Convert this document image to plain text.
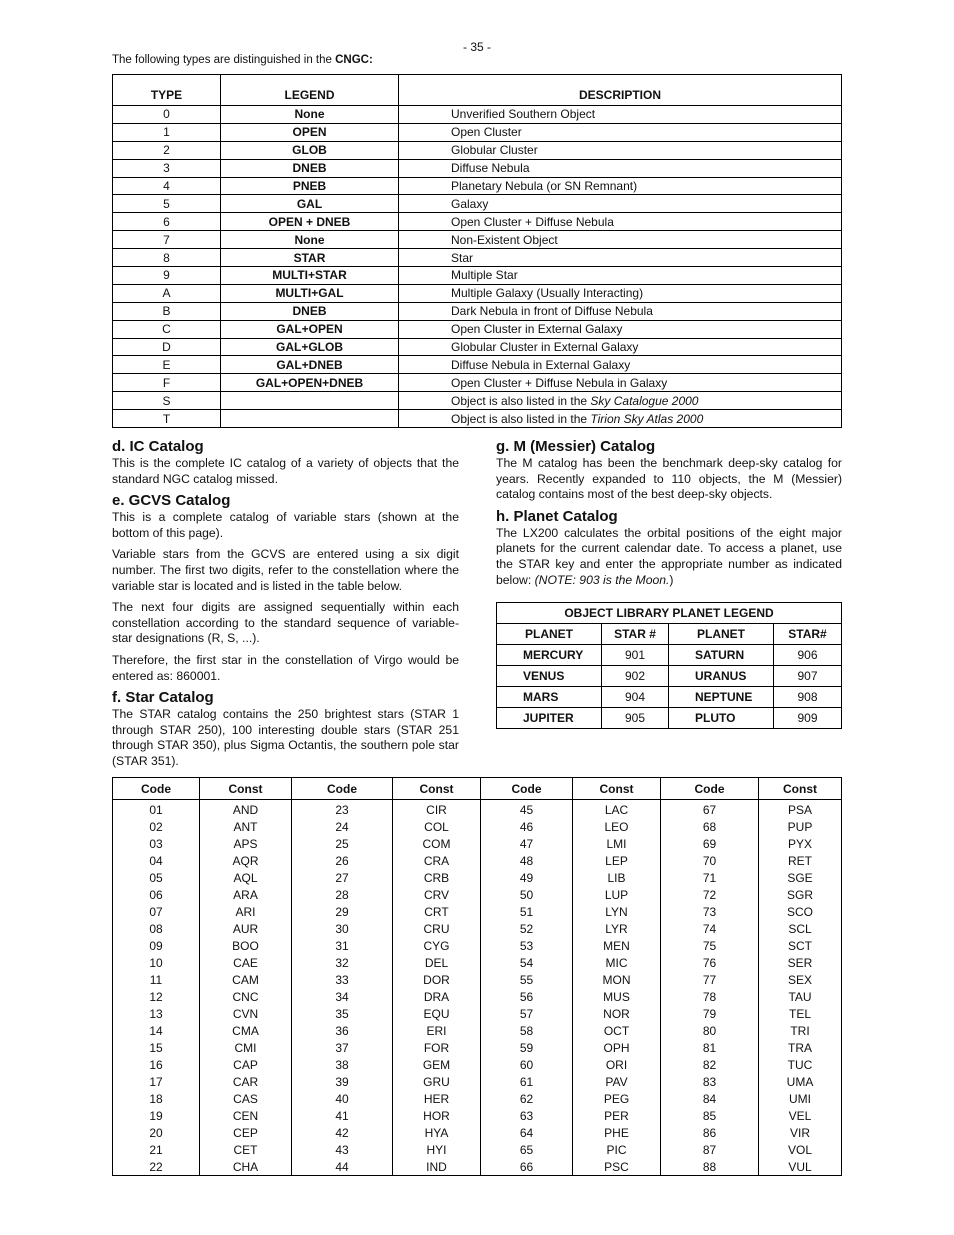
- 35 -
The following types are distinguished in the CNGC:
TYPE	LEGEND	DESCRIPTION
0	None	Unverified Southern Object
1	OPEN	Open Cluster
2	GLOB	Globular Cluster
3	DNEB	Diffuse Nebula
4	PNEB	Planetary Nebula (or SN Remnant)
5	GAL	Galaxy
6	OPEN + DNEB	Open Cluster + Diffuse Nebula
7	None	Non-Existent Object
8	STAR	Star
9	MULTI+STAR	Multiple Star
A	MULTI+GAL	Multiple Galaxy (Usually Interacting)
B	DNEB	Dark Nebula in front of Diffuse Nebula
C	GAL+OPEN	Open Cluster in External Galaxy
D	GAL+GLOB	Globular Cluster in External Galaxy
E	GAL+DNEB	Diffuse Nebula in External Galaxy
F	GAL+OPEN+DNEB	Open Cluster + Diffuse Nebula in Galaxy
S		Object is also listed in the Sky Catalogue 2000
T		Object is also listed in the Tirion Sky Atlas 2000
d. IC Catalog

This is the complete IC catalog of a variety of objects that the standard NGC catalog missed.

e. GCVS Catalog

This is a complete catalog of variable stars (shown at the bottom of this page).

Variable stars from the GCVS are entered using a six digit number. The first two digits, refer to the constellation where the variable star is located and is listed in the table below.

The next four digits are assigned sequentially within each constellation according to the standard sequence of variable-star designations (R, S, ...).

Therefore, the first star in the constellation of Virgo would be entered as: 860001.

f. Star Catalog

The STAR catalog contains the 250 brightest stars (STAR 1 through STAR 250), 100 interesting double stars (STAR 251 through STAR 350), plus Sigma Octantis, the southern pole star (STAR 351).

g. M (Messier) Catalog

The M catalog has been the benchmark deep-sky catalog for years. Recently expanded to 110 objects, the M (Messier) catalog contains most of the best deep-sky objects.

h. Planet Catalog

The LX200 calculates the orbital positions of the eight major planets for the current calendar date. To access a planet, use the STAR key and enter the appropriate number as indicated below: (NOTE: 903 is the Moon.)

OBJECT LIBRARY PLANET LEGEND			
PLANET	STAR #	PLANET	STAR#
MERCURY	901	SATURN	906
VENUS	902	URANUS	907
MARS	904	NEPTUNE	908
JUPITER	905	PLUTO	909
Code	Const	Code	Const	Code	Const	Code	Const
01	AND	23	CIR	45	LAC	67	PSA
02	ANT	24	COL	46	LEO	68	PUP
03	APS	25	COM	47	LMI	69	PYX
04	AQR	26	CRA	48	LEP	70	RET
05	AQL	27	CRB	49	LIB	71	SGE
06	ARA	28	CRV	50	LUP	72	SGR
07	ARI	29	CRT	51	LYN	73	SCO
08	AUR	30	CRU	52	LYR	74	SCL
09	BOO	31	CYG	53	MEN	75	SCT
10	CAE	32	DEL	54	MIC	76	SER
11	CAM	33	DOR	55	MON	77	SEX
12	CNC	34	DRA	56	MUS	78	TAU
13	CVN	35	EQU	57	NOR	79	TEL
14	CMA	36	ERI	58	OCT	80	TRI
15	CMI	37	FOR	59	OPH	81	TRA
16	CAP	38	GEM	60	ORI	82	TUC
17	CAR	39	GRU	61	PAV	83	UMA
18	CAS	40	HER	62	PEG	84	UMI
19	CEN	41	HOR	63	PER	85	VEL
20	CEP	42	HYA	64	PHE	86	VIR
21	CET	43	HYI	65	PIC	87	VOL
22	CHA	44	IND	66	PSC	88	VUL
